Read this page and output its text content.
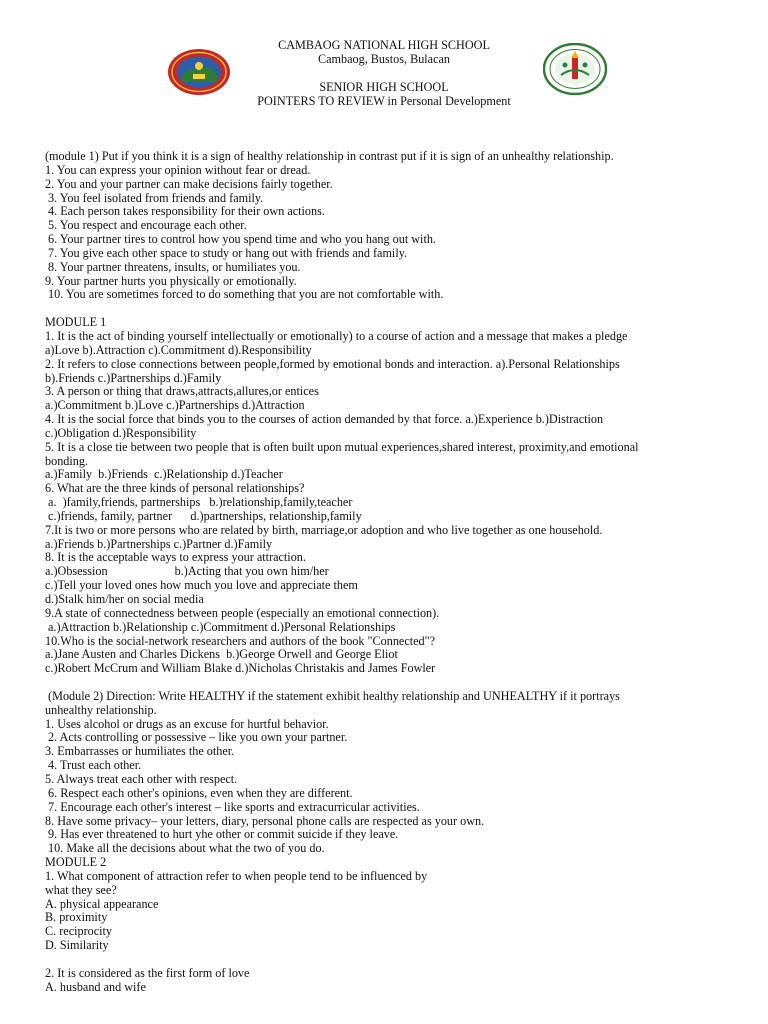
CAMBAOG NATIONAL HIGH SCHOOL
Cambaog, Bustos, Bulacan
SENIOR HIGH SCHOOL
POINTERS TO REVIEW in Personal Development
(module 1) Put if you think it is a sign of healthy relationship in contrast put if it is sign of an unhealthy relationship.
1. You can express your opinion without fear or dread.
2. You and your partner can make decisions fairly together.
3. You feel isolated from friends and family.
4. Each person takes responsibility for their own actions.
5. You respect and encourage each other.
6. Your partner tires to control how you spend time and who you hang out with.
7. You give each other space to study or hang out with friends and family.
8. Your partner threatens, insults, or humiliates you.
9. Your partner hurts you physically or emotionally.
10. You are sometimes forced to do something that you are not comfortable with.
MODULE 1
1. It is the act of binding yourself intellectually or emotionally) to a course of action and a message that makes a pledge
a)Love b).Attraction c).Commitment d).Responsibility
2. It refers to close connections between people,formed by emotional bonds and interaction. a).Personal Relationships
b).Friends c.)Partnerships d.)Family
3. A person or thing that draws,attracts,allures,or entices
a.)Commitment b.)Love c.)Partnerships d.)Attraction
4. It is the social force that binds you to the courses of action demanded by that force. a.)Experience b.)Distraction
c.)Obligation d.)Responsibility
5. It is a close tie between two people that is often built upon mutual experiences,shared interest, proximity,and emotional
bonding.
a.)Family  b.)Friends  c.)Relationship d.)Teacher
6. What are the three kinds of personal relationships?
a.  )family,friends, partnerships   b.)relationship,family,teacher
c.)friends, family, partner      d.)partnerships, relationship,family
7.It is two or more persons who are related by birth, marriage,or adoption and who live together as one household.
a.)Friends b.)Partnerships c.)Partner d.)Family
8. It is the acceptable ways to express your attraction.
a.)Obsession                      b.)Acting that you own him/her
c.)Tell your loved ones how much you love and appreciate them
d.)Stalk him/her on social media
9.A state of connectedness between people (especially an emotional connection).
a.)Attraction b.)Relationship c.)Commitment d.)Personal Relationships
10.Who is the social-network researchers and authors of the book "Connected"?
a.)Jane Austen and Charles Dickens  b.)George Orwell and George Eliot
c.)Robert McCrum and William Blake d.)Nicholas Christakis and James Fowler
(Module 2) Direction: Write HEALTHY if the statement exhibit healthy relationship and UNHEALTHY if it portrays
unhealthy relationship.
1. Uses alcohol or drugs as an excuse for hurtful behavior.
2. Acts controlling or possessive – like you own your partner.
3. Embarrasses or humiliates the other.
4. Trust each other.
5. Always treat each other with respect.
6. Respect each other's opinions, even when they are different.
7. Encourage each other's interest – like sports and extracurricular activities.
8. Have some privacy– your letters, diary, personal phone calls are respected as your own.
9. Has ever threatened to hurt yhe other or commit suicide if they leave.
10. Make all the decisions about what the two of you do.
MODULE 2
1. What component of attraction refer to when people tend to be influenced by
what they see?
A. physical appearance
B. proximity
C. reciprocity
D. Similarity
2. It is considered as the first form of love
A. husband and wife
